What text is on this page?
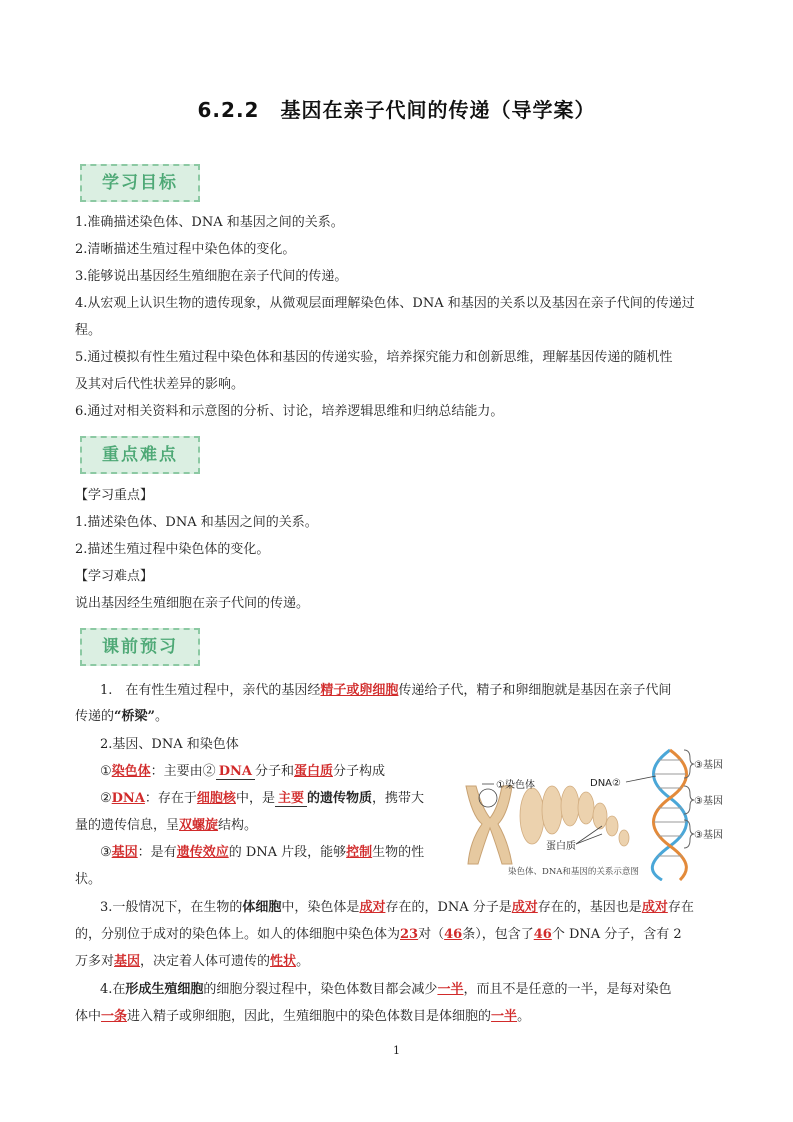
6.2.2　基因在亲子代间的传递（导学案）
学习目标
1.准确描述染色体、DNA 和基因之间的关系。
2.清晰描述生殖过程中染色体的变化。
3.能够说出基因经生殖细胞在亲子代间的传递。
4.从宏观上认识生物的遗传现象，从微观层面理解染色体、DNA 和基因的关系以及基因在亲子代间的传递过
程。
5.通过模拟有性生殖过程中染色体和基因的传递实验，培养探究能力和创新思维，理解基因传递的随机性
及其对后代性状差异的影响。
6.通过对相关资料和示意图的分析、讨论，培养逻辑思维和归纳总结能力。
重点难点
【学习重点】
1.描述染色体、DNA 和基因之间的关系。
2.描述生殖过程中染色体的变化。
【学习难点】
说出基因经生殖细胞在亲子代间的传递。
课前预习
1.　在有性生殖过程中，亲代的基因经精子或卵细胞传递给子代，精子和卵细胞就是基因在亲子代间
传递的“桥梁”。
2.基因、DNA 和染色体
①染色体：主要由② DNA 分子和蛋白质分子构成
②DNA：存在于细胞核中，是 主要 的遗传物质，携带大
量的遗传信息，呈双螺旋结构。
③基因：是有遗传效应的 DNA 片段，能够控制生物的性
状。
3.一般情况下，在生物的体细胞中，染色体是成对存在的，DNA 分子是成对存在的，基因也是成对存在
的，分别位于成对的染色体上。如人的体细胞中染色体为23对（46条），包含了46个 DNA 分子，含有 2
万多对基因，决定着人体可遗传的性状。
4.在形成生殖细胞的细胞分裂过程中，染色体数目都会减少一半，而且不是任意的一半，是每对染色
体中一条进入精子或卵细胞，因此，生殖细胞中的染色体数目是体细胞的一半。
③基因
③基因
③基因
DNA②
①染色体
蛋白质
染色体、DNA和基因的关系示意图
1
